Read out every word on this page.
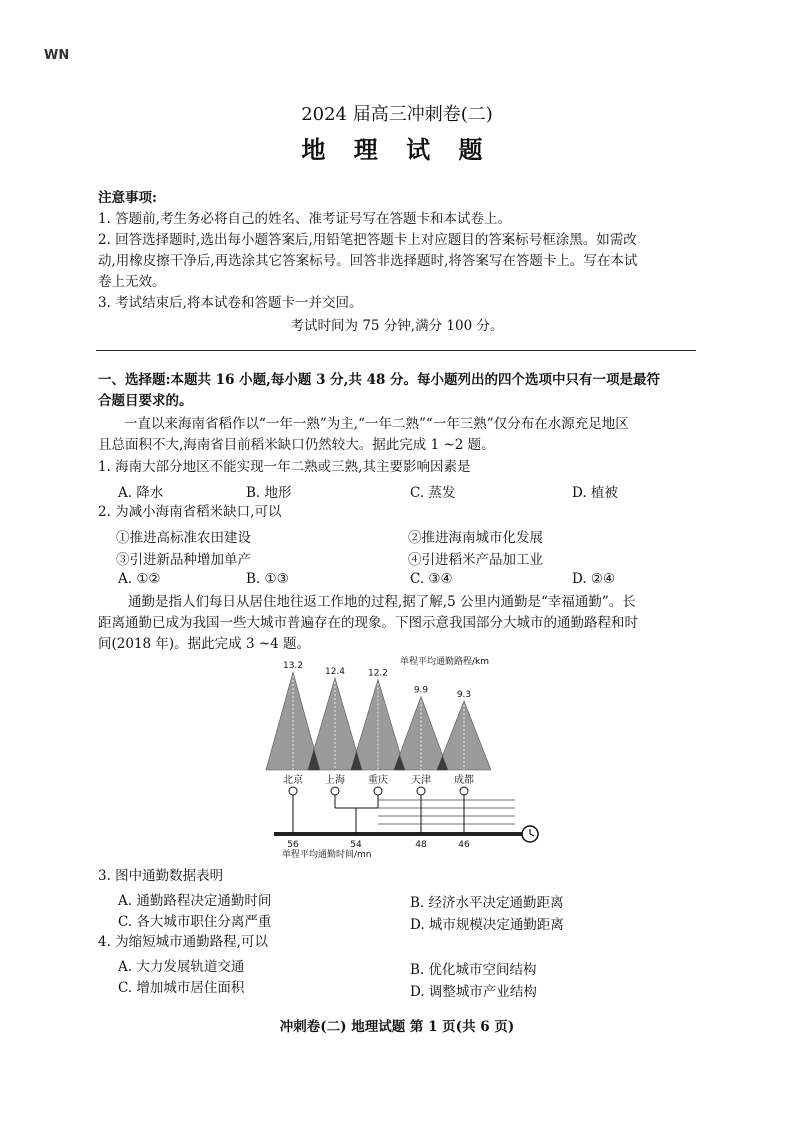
WN
2024 届高三冲刺卷(二)
地 理 试 题
注意事项:
1. 答题前,考生务必将自己的姓名、准考证号写在答题卡和本试卷上。
2. 回答选择题时,选出每小题答案后,用铅笔把答题卡上对应题目的答案标号框涂黑。如需改
动,用橡皮擦干净后,再选涂其它答案标号。回答非选择题时,将答案写在答题卡上。写在本试
卷上无效。
3. 考试结束后,将本试卷和答题卡一并交回。
考试时间为 75 分钟,满分 100 分。
一、选择题:本题共 16 小题,每小题 3 分,共 48 分。每小题列出的四个选项中只有一项是最符
合题目要求的。
一直以来海南省稻作以“一年一熟”为主,“一年二熟”“一年三熟”仅分布在水源充足地区
且总面积不大,海南省目前稻米缺口仍然较大。据此完成 1 ~2 题。
1. 海南大部分地区不能实现一年二熟或三熟,其主要影响因素是
A. 降水	B. 地形	C. 蒸发	D. 植被
2. 为减小海南省稻米缺口,可以
①推进高标准农田建设	②推进海南城市化发展
③引进新品种增加单产	④引进稻米产品加工业
A. ①②	B. ①③	C. ③④	D. ②④
通勤是指人们每日从居住地往返工作地的过程,据了解,5 公里内通勤是“幸福通勤”。长
距离通勤已成为我国一些大城市普遍存在的现象。下图示意我国部分大城市的通勤路程和时
间(2018 年)。据此完成 3 ~4 题。
13.2
12.4	12.2
9.9	9.3
北京 上海 重庆 天津 成都
56	54	48	46
单程平均通勤路程/km
单程平均通勤时间/mn
3. 图中通勤数据表明
A. 通勤路程决定通勤时间	B. 经济水平决定通勤距离
C. 各大城市职住分离严重	D. 城市规模决定通勤距离
4. 为缩短城市通勤路程,可以
A. 大力发展轨道交通	B. 优化城市空间结构
C. 增加城市居住面积	D. 调整城市产业结构
冲刺卷(二) 地理试题 第 1 页(共 6 页)
